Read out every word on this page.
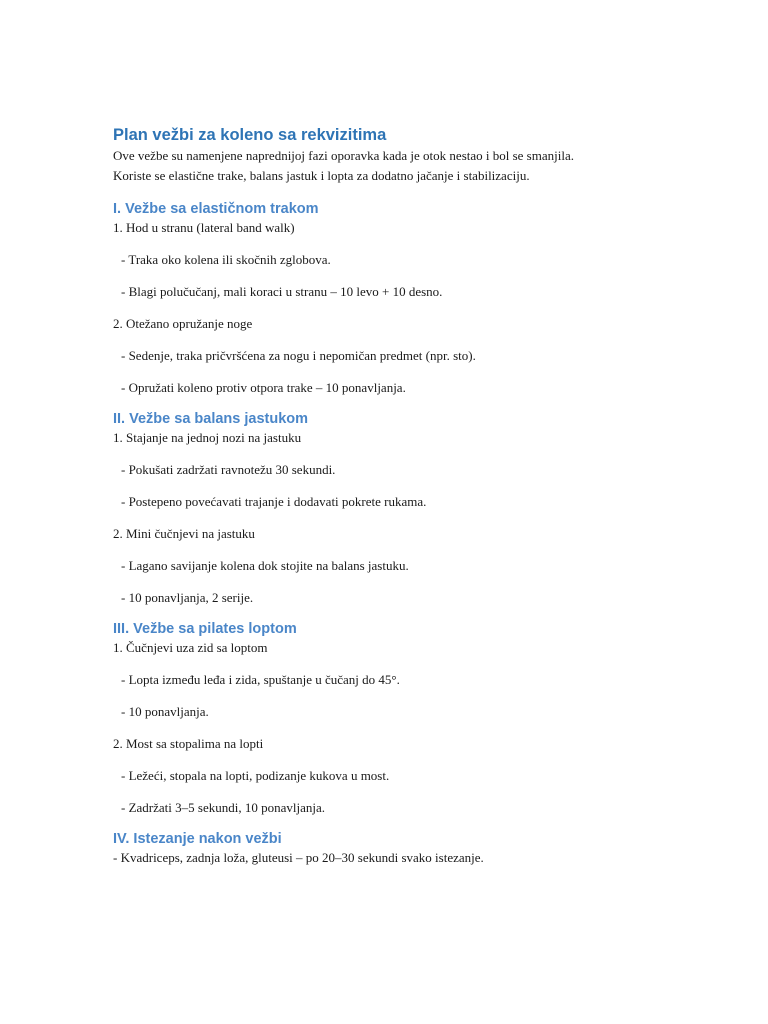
Plan vežbi za koleno sa rekvizitima

Ove vežbe su namenjene naprednijoj fazi oporavka kada je otok nestao i bol se smanjila.

Koriste se elastične trake, balans jastuk i lopta za dodatno jačanje i stabilizaciju.

I. Vežbe sa elastičnom trakom

1. Hod u stranu (lateral band walk)

- Traka oko kolena ili skočnih zglobova.

- Blagi polučučanj, mali koraci u stranu – 10 levo + 10 desno.

2. Otežano opružanje noge

- Sedenje, traka pričvršćena za nogu i nepomičan predmet (npr. sto).

- Opružati koleno protiv otpora trake – 10 ponavljanja.

II. Vežbe sa balans jastukom

1. Stajanje na jednoj nozi na jastuku

- Pokušati zadržati ravnotežu 30 sekundi.

- Postepeno povećavati trajanje i dodavati pokrete rukama.

2. Mini čučnjevi na jastuku

- Lagano savijanje kolena dok stojite na balans jastuku.

- 10 ponavljanja, 2 serije.

III. Vežbe sa pilates loptom

1. Čučnjevi uza zid sa loptom

- Lopta između leđa i zida, spuštanje u čučanj do 45°.

- 10 ponavljanja.

2. Most sa stopalima na lopti

- Ležeći, stopala na lopti, podizanje kukova u most.

- Zadržati 3–5 sekundi, 10 ponavljanja.

IV. Istezanje nakon vežbi

- Kvadriceps, zadnja loža, gluteusi – po 20–30 sekundi svako istezanje.
